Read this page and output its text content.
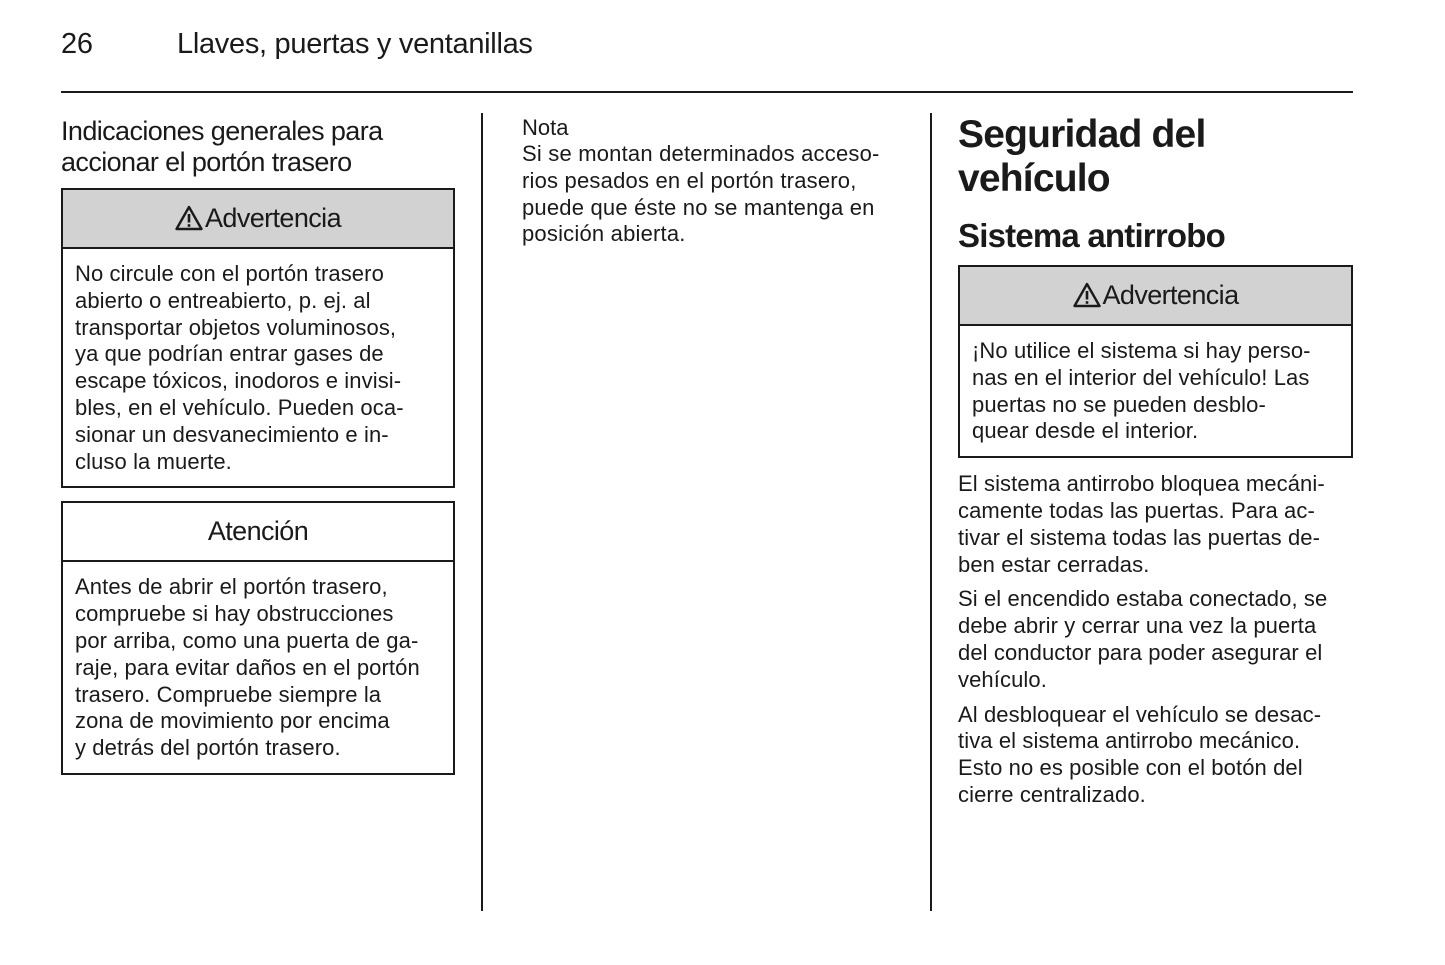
26	Llaves, puertas y ventanillas
Indicaciones generales para accionar el portón trasero
Advertencia

No circule con el portón trasero
abierto o entreabierto, p. ej. al
transportar objetos voluminosos,
ya que podrían entrar gases de
escape tóxicos, inodoros e invisi-
bles, en el vehículo. Pueden oca-
sionar un desvanecimiento e in-
cluso la muerte.

Atención

Antes de abrir el portón trasero,
compruebe si hay obstrucciones
por arriba, como una puerta de ga-
raje, para evitar daños en el portón
trasero. Compruebe siempre la
zona de movimiento por encima
y detrás del portón trasero.

Nota

Si se montan determinados acceso-
rios pesados en el portón trasero,
puede que éste no se mantenga en
posición abierta.

Seguridad del vehículo
Sistema antirrobo
Advertencia

¡No utilice el sistema si hay perso-
nas en el interior del vehículo! Las
puertas no se pueden desblo-
quear desde el interior.

El sistema antirrobo bloquea mecáni-
camente todas las puertas. Para ac-
tivar el sistema todas las puertas de-
ben estar cerradas.

Si el encendido estaba conectado, se
debe abrir y cerrar una vez la puerta
del conductor para poder asegurar el
vehículo.

Al desbloquear el vehículo se desac-
tiva el sistema antirrobo mecánico.
Esto no es posible con el botón del
cierre centralizado.
